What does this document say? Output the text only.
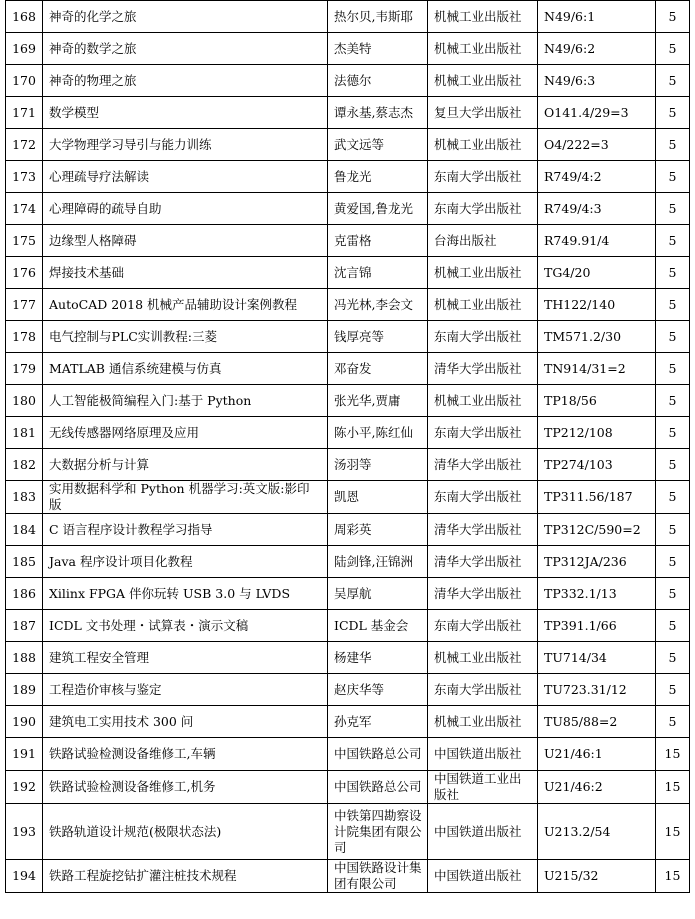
168	神奇的化学之旅	热尔贝,韦斯耶	机械工业出版社	N49/6:1	5
169	神奇的数学之旅	杰美特	机械工业出版社	N49/6:2	5
170	神奇的物理之旅	法德尔	机械工业出版社	N49/6:3	5
171	数学模型	谭永基,蔡志杰	复旦大学出版社	O141.4/29=3	5
172	大学物理学习导引与能力训练	武文远等	机械工业出版社	O4/222=3	5
173	心理疏导疗法解读	鲁龙光	东南大学出版社	R749/4:2	5
174	心理障碍的疏导自助	黄爱国,鲁龙光	东南大学出版社	R749/4:3	5
175	边缘型人格障碍	克雷格	台海出版社	R749.91/4	5
176	焊接技术基础	沈言锦	机械工业出版社	TG4/20	5
177	AutoCAD 2018 机械产品辅助设计案例教程	冯光林,李会文	机械工业出版社	TH122/140	5
178	电气控制与PLC实训教程:三菱	钱厚亮等	东南大学出版社	TM571.2/30	5
179	MATLAB 通信系统建模与仿真	邓奋发	清华大学出版社	TN914/31=2	5
180	人工智能极简编程入门:基于 Python	张光华,贾庸	机械工业出版社	TP18/56	5
181	无线传感器网络原理及应用	陈小平,陈红仙	东南大学出版社	TP212/108	5
182	大数据分析与计算	汤羽等	清华大学出版社	TP274/103	5
183	实用数据科学和 Python 机器学习:英文版:影印版	凯恩	东南大学出版社	TP311.56/187	5
184	C 语言程序设计教程学习指导	周彩英	清华大学出版社	TP312C/590=2	5
185	Java 程序设计项目化教程	陆剑锋,汪锦洲	清华大学出版社	TP312JA/236	5
186	Xilinx FPGA 伴你玩转 USB 3.0 与 LVDS	吴厚航	清华大学出版社	TP332.1/13	5
187	ICDL 文书处理・试算表・演示文稿	ICDL 基金会	东南大学出版社	TP391.1/66	5
188	建筑工程安全管理	杨建华	机械工业出版社	TU714/34	5
189	工程造价审核与鉴定	赵庆华等	东南大学出版社	TU723.31/12	5
190	建筑电工实用技术 300 问	孙克军	机械工业出版社	TU85/88=2	5
191	铁路试验检测设备维修工,车辆	中国铁路总公司	中国铁道出版社	U21/46:1	15
192	铁路试验检测设备维修工,机务	中国铁路总公司	中国铁道工业出版社	U21/46:2	15
193	铁路轨道设计规范(极限状态法)	中铁第四勘察设计院集团有限公司	中国铁道出版社	U213.2/54	15
194	铁路工程旋挖钻扩灌注桩技术规程	中国铁路设计集团有限公司	中国铁道出版社	U215/32	15
